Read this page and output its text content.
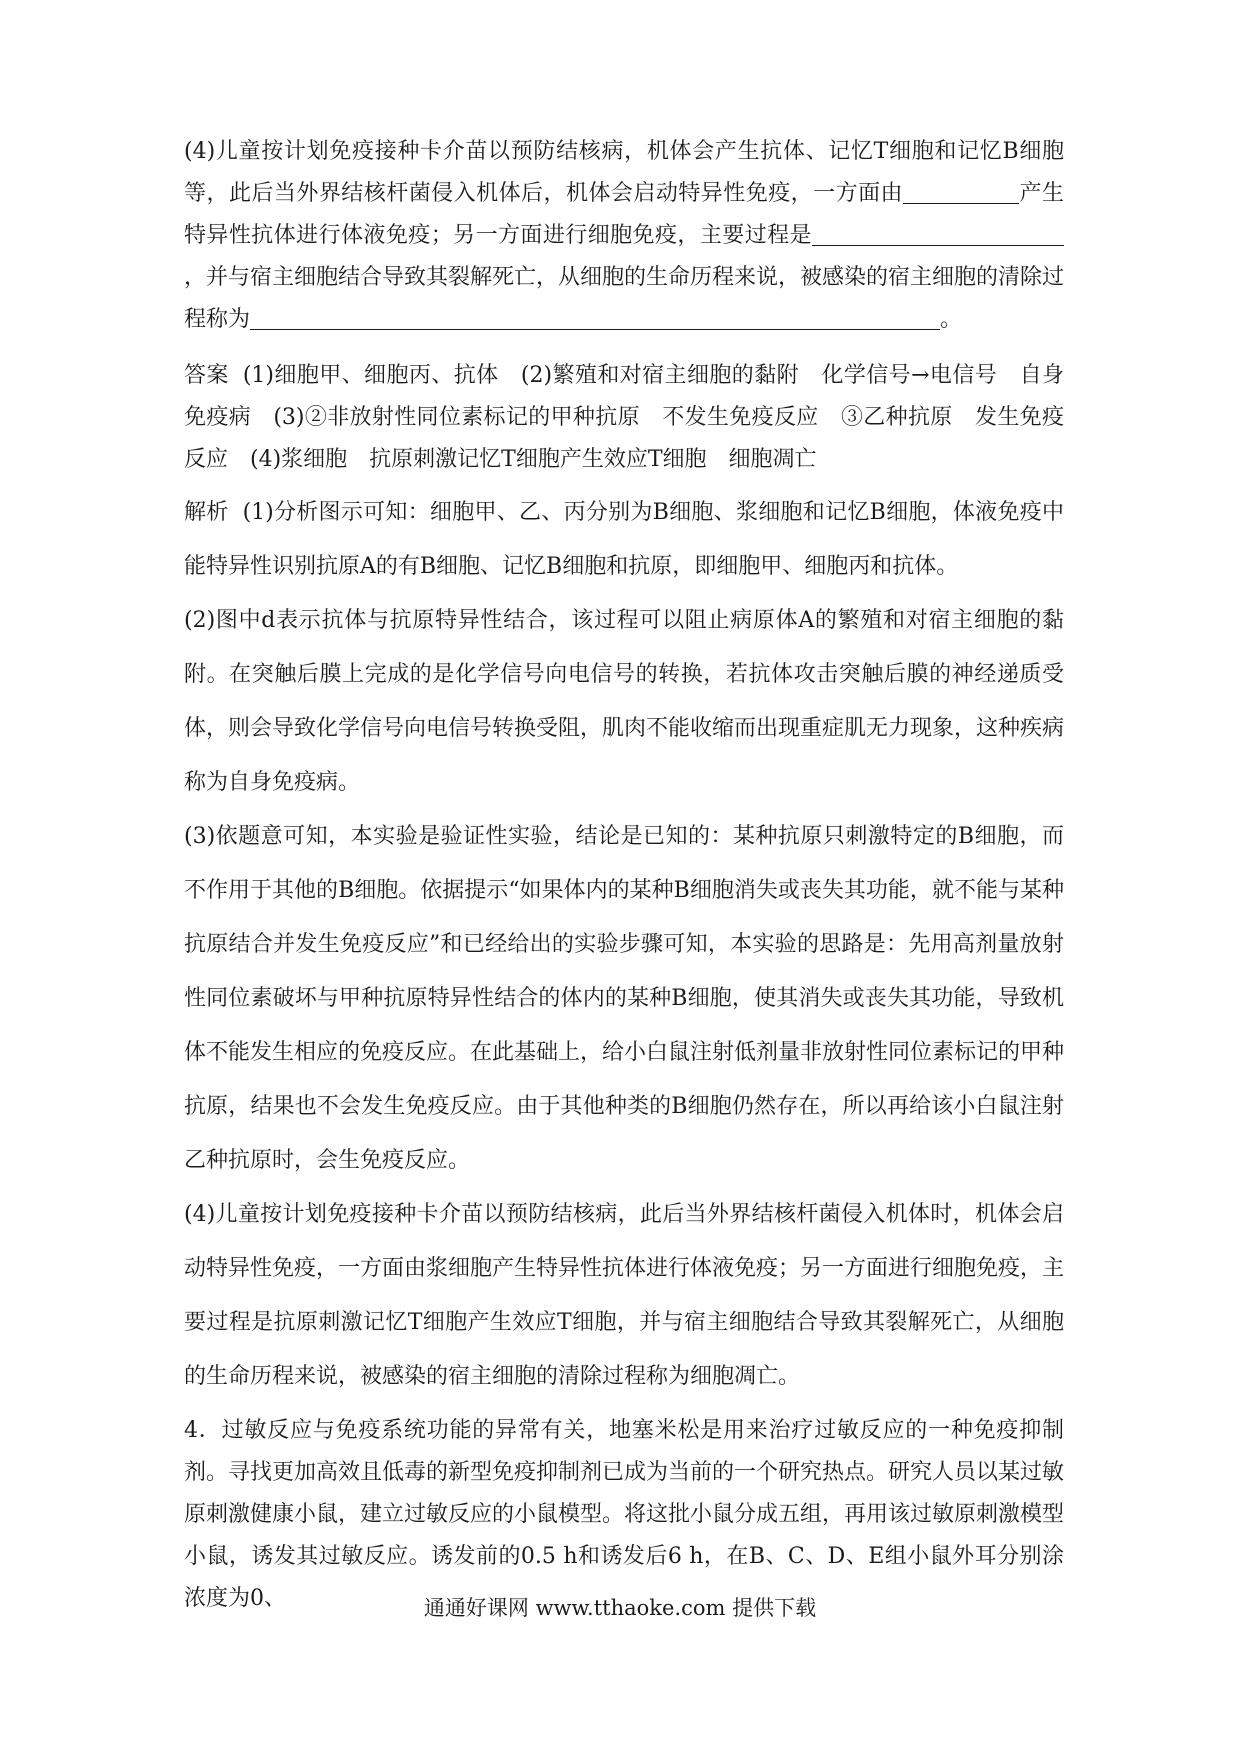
(4)儿童按计划免疫接种卡介苗以预防结核病，机体会产生抗体、记忆T细胞和记忆B细胞等，此后当外界结核杆菌侵入机体后，机体会启动特异性免疫，一方面由	产生特异性抗体进行体液免疫；另一方面进行细胞免疫，主要过程是，并与宿主细胞结合导致其裂解死亡，从细胞的生命历程来说，被感染的宿主细胞的清除过程称为	。

答案 (1)细胞甲、细胞丙、抗体　(2)繁殖和对宿主细胞的黏附　化学信号→电信号　自身免疫病　(3)②非放射性同位素标记的甲种抗原　不发生免疫反应　③乙种抗原　发生免疫反应　(4)浆细胞　抗原刺激记忆T细胞产生效应T细胞　细胞凋亡

解析 (1)分析图示可知：细胞甲、乙、丙分别为B细胞、浆细胞和记忆B细胞，体液免疫中能特异性识别抗原A的有B细胞、记忆B细胞和抗原，即细胞甲、细胞丙和抗体。

(2)图中d表示抗体与抗原特异性结合，该过程可以阻止病原体A的繁殖和对宿主细胞的黏附。在突触后膜上完成的是化学信号向电信号的转换，若抗体攻击突触后膜的神经递质受体，则会导致化学信号向电信号转换受阻，肌肉不能收缩而出现重症肌无力现象，这种疾病称为自身免疫病。

(3)依题意可知，本实验是验证性实验，结论是已知的：某种抗原只刺激特定的B细胞，而不作用于其他的B细胞。依据提示“如果体内的某种B细胞消失或丧失其功能，就不能与某种抗原结合并发生免疫反应”和已经给出的实验步骤可知，本实验的思路是：先用高剂量放射性同位素破坏与甲种抗原特异性结合的体内的某种B细胞，使其消失或丧失其功能，导致机体不能发生相应的免疫反应。在此基础上，给小白鼠注射低剂量非放射性同位素标记的甲种抗原，结果也不会发生免疫反应。由于其他种类的B细胞仍然存在，所以再给该小白鼠注射乙种抗原时，会生免疫反应。

(4)儿童按计划免疫接种卡介苗以预防结核病，此后当外界结核杆菌侵入机体时，机体会启动特异性免疫，一方面由浆细胞产生特异性抗体进行体液免疫；另一方面进行细胞免疫，主要过程是抗原刺激记忆T细胞产生效应T细胞，并与宿主细胞结合导致其裂解死亡，从细胞的生命历程来说，被感染的宿主细胞的清除过程称为细胞凋亡。

4．过敏反应与免疫系统功能的异常有关，地塞米松是用来治疗过敏反应的一种免疫抑制剂。寻找更加高效且低毒的新型免疫抑制剂已成为当前的一个研究热点。研究人员以某过敏原刺激健康小鼠，建立过敏反应的小鼠模型。将这批小鼠分成五组，再用该过敏原刺激模型小鼠，诱发其过敏反应。诱发前的0.5 h和诱发后6 h，在B、C、D、E组小鼠外耳分别涂浓度为0、	通通好课网 www.tthaoke.com 提供下载
